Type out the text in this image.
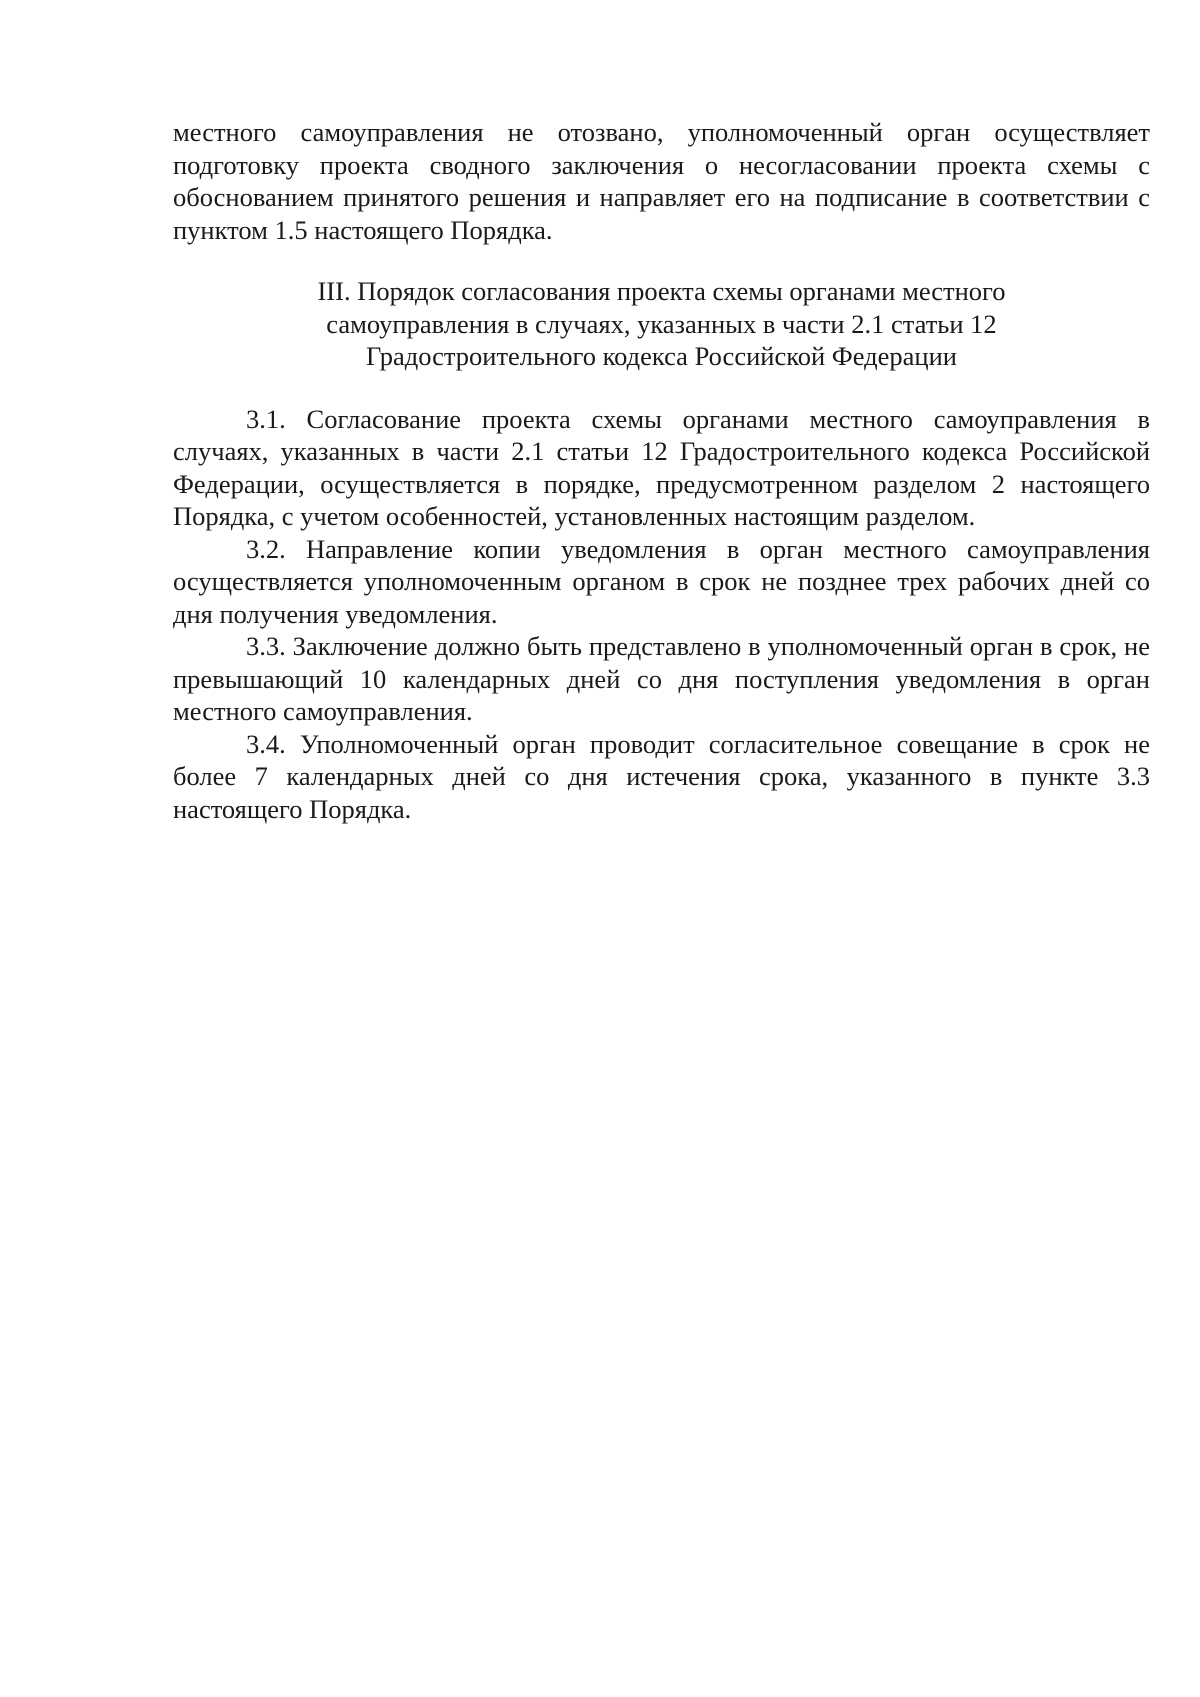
местного самоуправления не отозвано, уполномоченный орган осуществляет подготовку проекта сводного заключения о несогласовании проекта схемы с обоснованием принятого решения и направляет его на подписание в соответствии с пунктом 1.5 настоящего Порядка.

III. Порядок согласования проекта схемы органами местного
самоуправления в случаях, указанных в части 2.1 статьи 12
Градостроительного кодекса Российской Федерации

3.1. Согласование проекта схемы органами местного самоуправления в случаях, указанных в части 2.1 статьи 12 Градостроительного кодекса Российской Федерации, осуществляется в порядке, предусмотренном разделом 2 настоящего Порядка, с учетом особенностей, установленных настоящим разделом.

3.2. Направление копии уведомления в орган местного самоуправления осуществляется уполномоченным органом в срок не позднее трех рабочих дней со дня получения уведомления.

3.3. Заключение должно быть представлено в уполномоченный орган в срок, не превышающий 10 календарных дней со дня поступления уведомления в орган местного самоуправления.

3.4. Уполномоченный орган проводит согласительное совещание в срок не более 7 календарных дней со дня истечения срока, указанного в пункте 3.3 настоящего Порядка.
